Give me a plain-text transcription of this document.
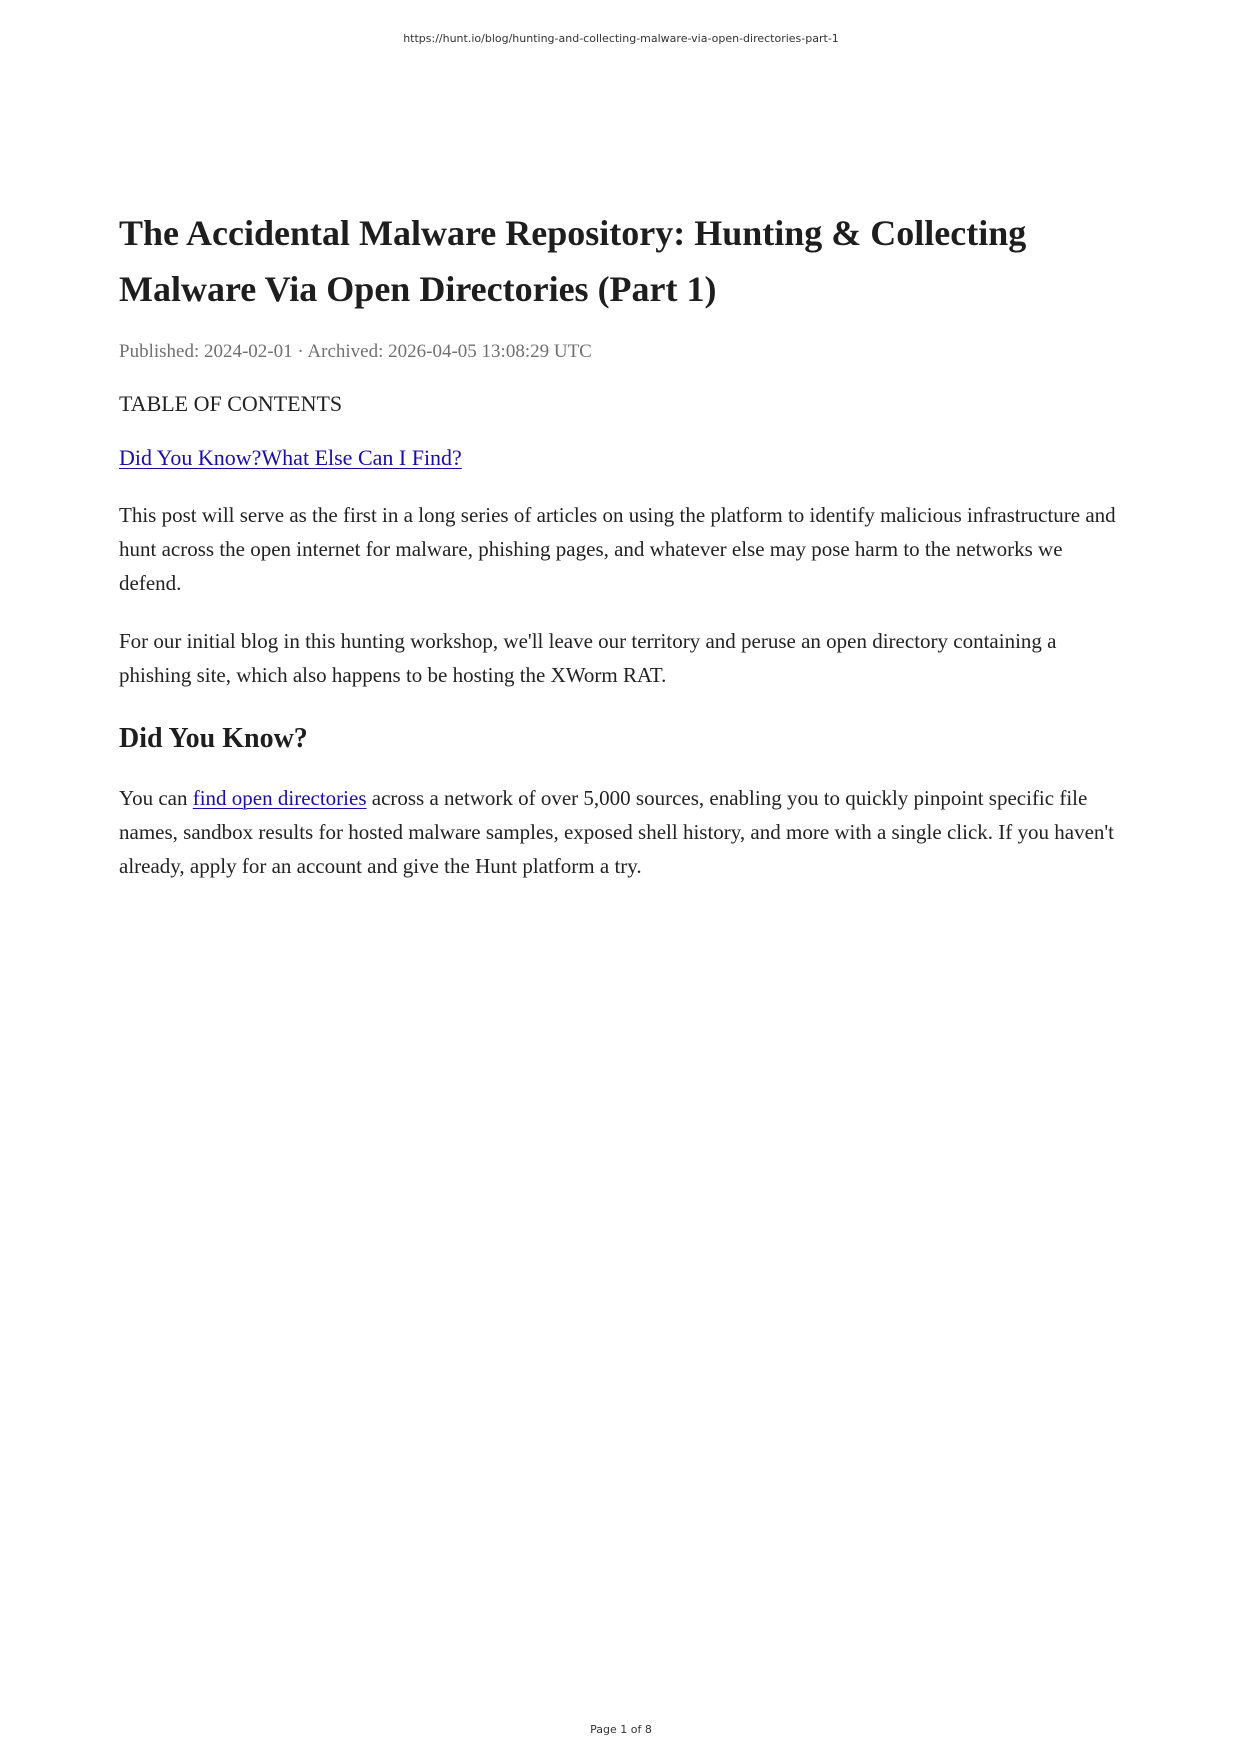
https://hunt.io/blog/hunting-and-collecting-malware-via-open-directories-part-1
The Accidental Malware Repository: Hunting & Collecting Malware Via Open Directories (Part 1)
Published: 2024-02-01 · Archived: 2026-04-05 13:08:29 UTC
TABLE OF CONTENTS
Did You Know?What Else Can I Find?

This post will serve as the first in a long series of articles on using the platform to identify malicious infrastructure and hunt across the open internet for malware, phishing pages, and whatever else may pose harm to the networks we defend.

For our initial blog in this hunting workshop, we'll leave our territory and peruse an open directory containing a phishing site, which also happens to be hosting the XWorm RAT.

Did You Know?

You can find open directories across a network of over 5,000 sources, enabling you to quickly pinpoint specific file names, sandbox results for hosted malware samples, exposed shell history, and more with a single click. If you haven't already, apply for an account and give the Hunt platform a try.

Page 1 of 8
